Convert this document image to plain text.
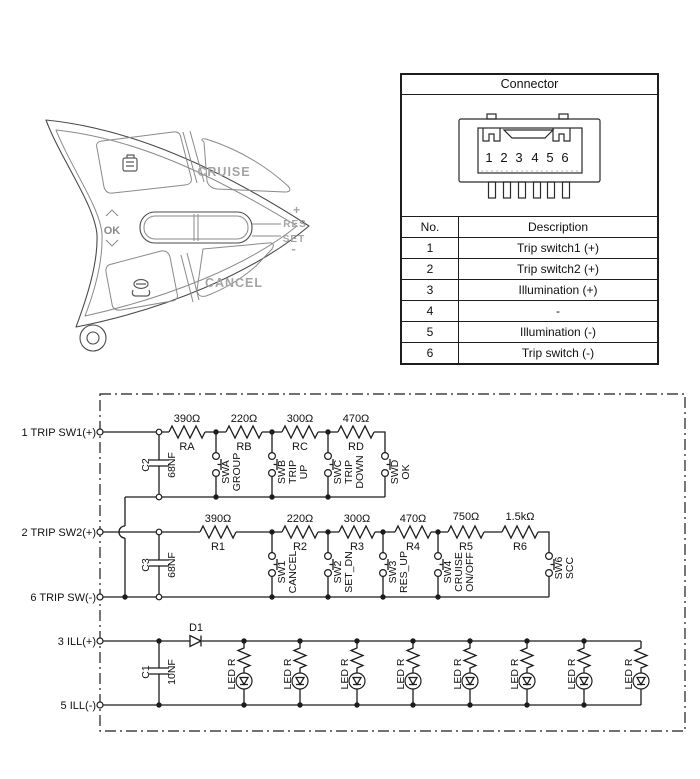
CRUISE
OK
+
RES
SET
-
CANCEL
Connector
1 2 3 4 5 6
No.	Description
1	Trip switch1 (+)
2	Trip switch2 (+)
3	Illumination (+)
4	-
5	Illumination (-)
6	Trip switch (-)
1 TRIP SW1(+)
2 TRIP SW2(+)
6 TRIP SW(-)
3 ILL(+)
5 ILL(-)
390Ω	220Ω	300Ω	470Ω
RA	RB	RC	RD
C2 68NF	SWA GROUP	SWB TRIP UP SWC TRIP DOWN SWD OK
390Ω	220Ω	300Ω	470Ω 750Ω 1.5kΩ
R1	R2	R3	R4	R5	R6
C3 68NF	SW1 CANCEL	SW2 SET_DN	SW3 RES_UP	SW4 CRUISE ON/OFF	SW6 SCC
D1
C1 10NF	LED R	LED R	LED R	LED R	LED R	LED R	LED R	LED R
